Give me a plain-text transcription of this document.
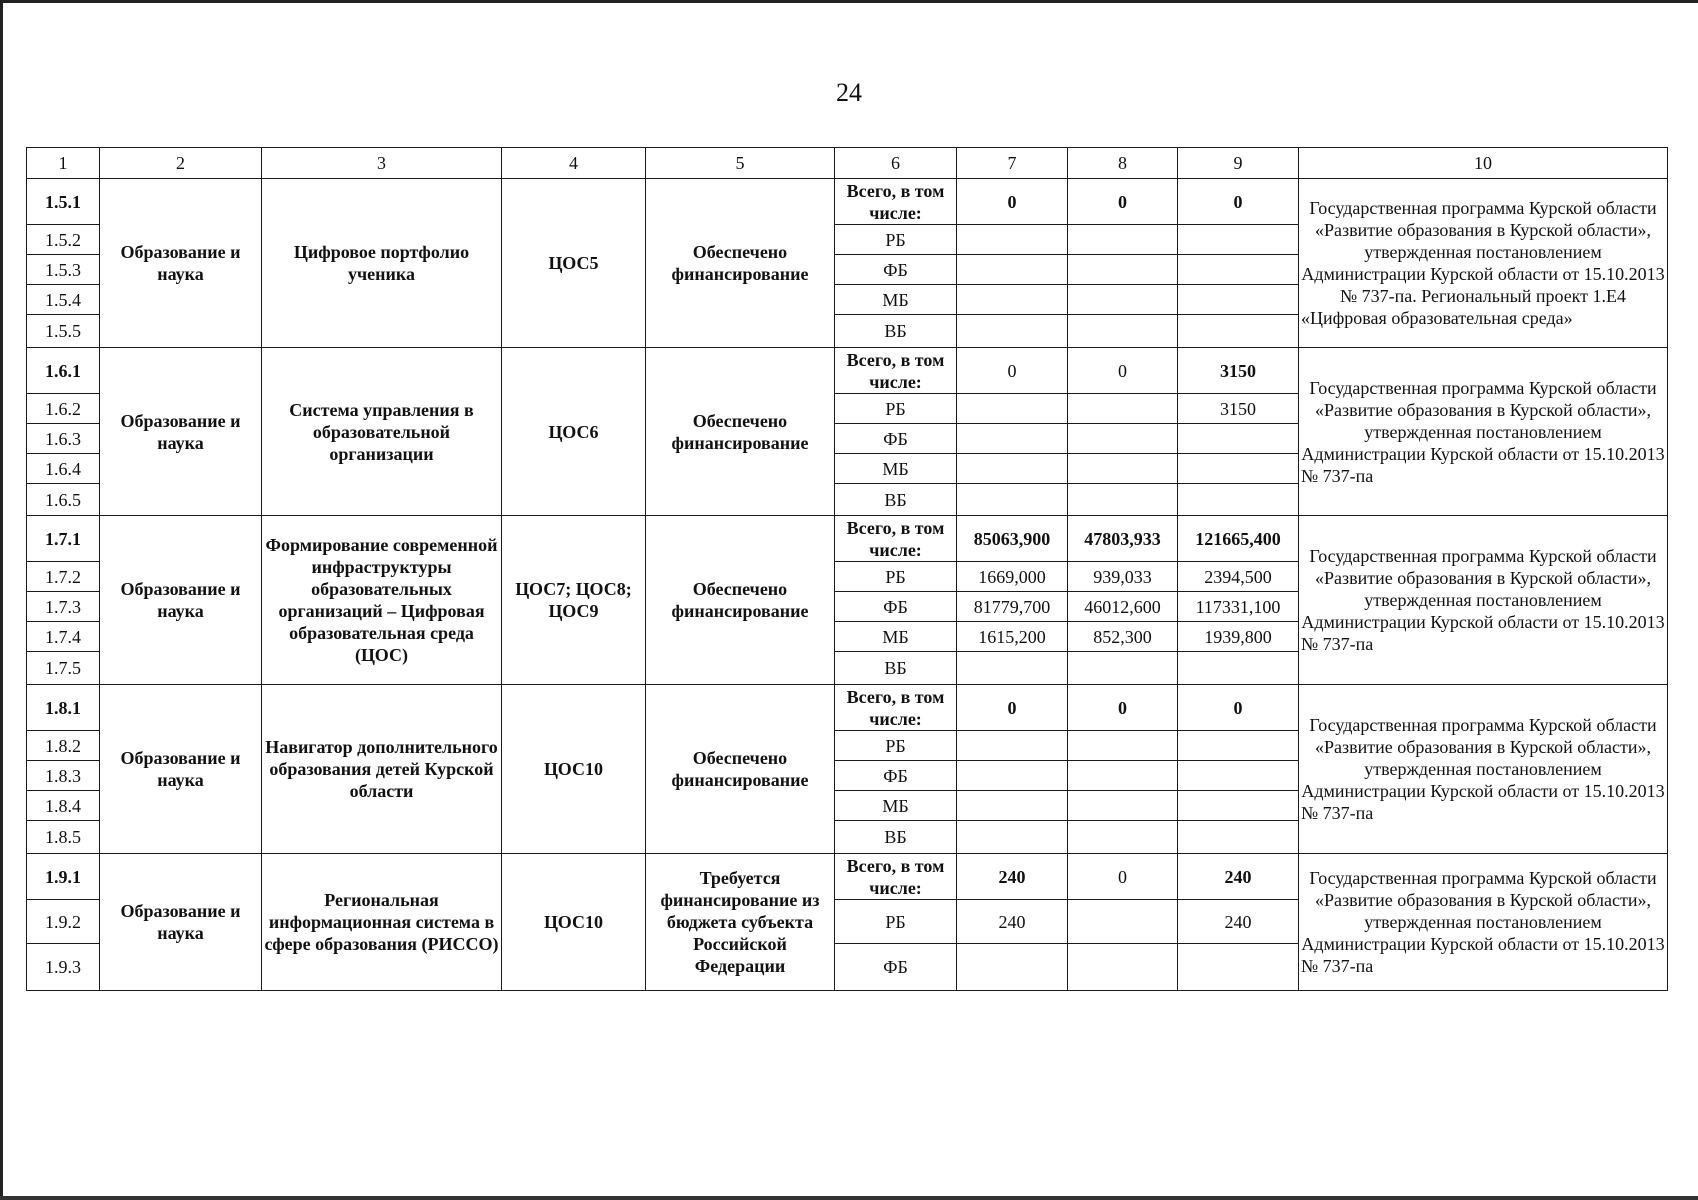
24
1	2	3	4	5	6	7	8	9	10
1.5.1	Образование и наука	Цифровое портфолио ученика	ЦОС5	Обеспечено финансирование	Всего, в том числе:	0	0	0	Государственная программа Курской области «Развитие образования в Курской области», утвержденная постановлением Администрации Курской области от 15.10.2013 № 737-па. Региональный проект 1.Е4 «Цифровая образовательная среда»
1.5.2					РБ				
1.5.3					ФБ				
1.5.4					МБ				
1.5.5					ВБ				
1.6.1	Образование и наука	Система управления в образовательной организации	ЦОС6	Обеспечено финансирование	Всего, в том числе:	0	0	3150	Государственная программа Курской области «Развитие образования в Курской области», утвержденная постановлением Администрации Курской области от 15.10.2013 № 737-па
1.6.2					РБ			3150	
1.6.3					ФБ				
1.6.4					МБ				
1.6.5					ВБ				
1.7.1	Образование и наука	Формирование современной инфраструктуры образовательных организаций – Цифровая образовательная среда (ЦОС)	ЦОС7; ЦОС8; ЦОС9	Обеспечено финансирование	Всего, в том числе:	85063,900	47803,933	121665,400	Государственная программа Курской области «Развитие образования в Курской области», утвержденная постановлением Администрации Курской области от 15.10.2013 № 737-па
1.7.2					РБ	1669,000	939,033	2394,500	
1.7.3					ФБ	81779,700	46012,600	117331,100	
1.7.4					МБ	1615,200	852,300	1939,800	
1.7.5					ВБ				
1.8.1	Образование и наука	Навигатор дополнительного образования детей Курской области	ЦОС10	Обеспечено финансирование	Всего, в том числе:	0	0	0	Государственная программа Курской области «Развитие образования в Курской области», утвержденная постановлением Администрации Курской области от 15.10.2013 № 737-па
1.8.2					РБ				
1.8.3					ФБ				
1.8.4					МБ				
1.8.5					ВБ				
1.9.1	Образование и наука	Региональная информационная система в сфере образования (РИССО)	ЦОС10	Требуется финансирование из бюджета субъекта Российской Федерации	Всего, в том числе:	240	0	240	Государственная программа Курской области «Развитие образования в Курской области», утвержденная постановлением Администрации Курской области от 15.10.2013 № 737-па
1.9.2					РБ	240		240	
1.9.3					ФБ				
